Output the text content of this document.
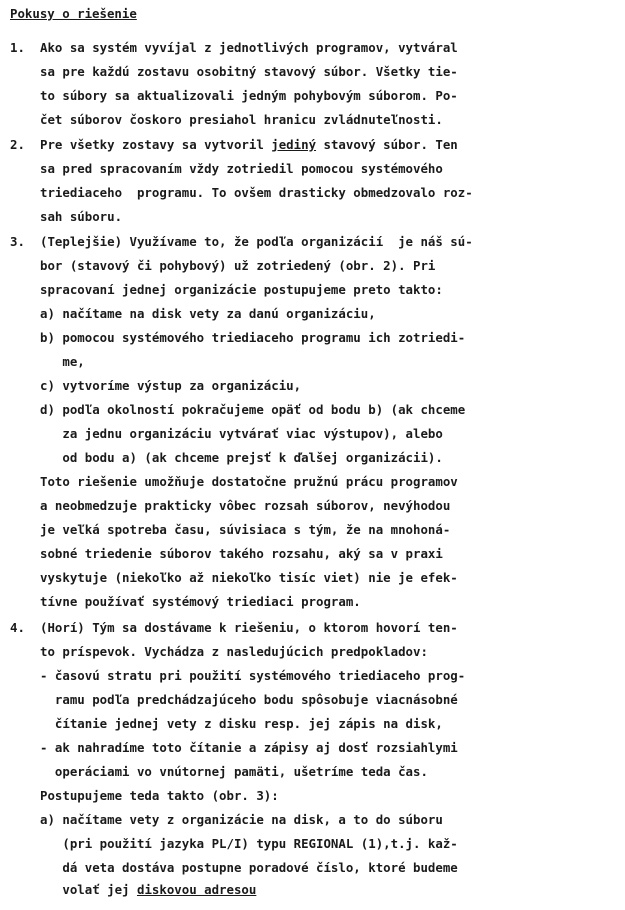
Pokusy o riešenie
1. Ako sa systém vyvíjal z jednotlivých programov, vytváral
sa pre každú zostavu osobitný stavový súbor. Všetky tie-
to súbory sa aktualizovali jedným pohybovým súborom. Po-
čet súborov čoskoro presiahol hranicu zvládnuteľnosti.
2. Pre všetky zostavy sa vytvoril jediný stavový súbor. Ten
sa pred spracovaním vždy zotriedil pomocou systémového
triediaceho  programu. To ovšem drasticky obmedzovalo roz-
sah súboru.
3. (Teplejšie) Využívame to, že podľa organizácií  je náš sú-
bor (stavový či pohybový) už zotriedený (obr. 2). Pri
spracovaní jednej organizácie postupujeme preto takto:
a) načítame na disk vety za danú organizáciu,
b) pomocou systémového triediaceho programu ich zotriedi-
me,
c) vytvoríme výstup za organizáciu,
d) podľa okolností pokračujeme opäť od bodu b) (ak chceme
za jednu organizáciu vytvárať viac výstupov), alebo
od bodu a) (ak chceme prejsť k ďalšej organizácii).
Toto riešenie umožňuje dostatočne pružnú prácu programov
a neobmedzuje prakticky vôbec rozsah súborov, nevýhodou
je veľká spotreba času, súvisiaca s tým, že na mnohoná-
sobné triedenie súborov takého rozsahu, aký sa v praxi
vyskytuje (niekoľko až niekoľko tisíc viet) nie je efek-
tívne používať systémový triediaci program.
4. (Horí) Tým sa dostávame k riešeniu, o ktorom hovorí ten-
to príspevok. Vychádza z nasledujúcich predpokladov:
- časovú stratu pri použití systémového triediaceho prog-
ramu podľa predchádzajúceho bodu spôsobuje viacnásobné
čítanie jednej vety z disku resp. jej zápis na disk,
- ak nahradíme toto čítanie a zápisy aj dosť rozsiahlymi
operáciami vo vnútornej pamäti, ušetríme teda čas.
Postupujeme teda takto (obr. 3):
a) načítame vety z organizácie na disk, a to do súboru
(pri použití jazyka PL/I) typu REGIONAL (1),t.j. kaž-
dá veta dostáva postupne poradové číslo, ktoré budeme
volať jej diskovou adresou
